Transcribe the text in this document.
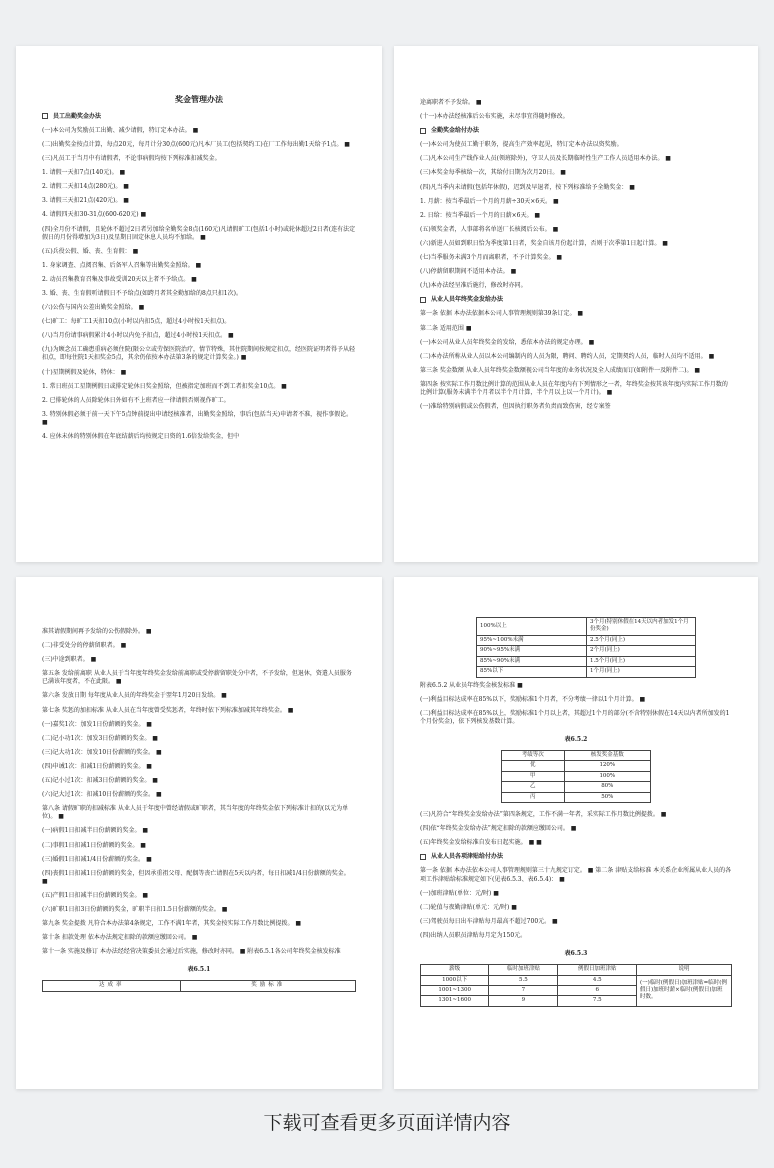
奖金管理办法
员工出勤奖金办法
(一)本公司为奖励员工出勤、减少请假，特订定本办法。 ■
(二)出勤奖金按点计算，每点20元，每月计分30点(600元)凡本厂员工(包括契约工)在厂工作每出勤1天给予1点。 ■
(三)凡员工于当月中有请假者，不论事病假均按下列标准扣减奖金。
1. 请假一天扣7点(140元)。 ■
2. 请假二天扣14点(280元)。 ■
3. 请假三天扣21点(420元)。 ■
4. 请假四天扣30-31点(600-620元) ■
(四)全月份不请假，且轮休不超过2日者另加给全勤奖金8点(160元)凡请假旷工(包括1小时)或轮休超过2日者(连有法定假日的月份得增加为3日)及星期日固定休息人员均不加给。 ■
(五)兵役公假、婚、丧、生育假： ■
1. 身家调查、点阅召集、后备军人召集等出勤奖金照给。 ■
2. 动员召集教育召集及事故受训20天以上者不予给点。 ■
3. 婚、丧、生育假听请假日不予给点(如跨月者其全勤加给的8点只扣1次)。
(六)公伤与国内公差出勤奖金照给。 ■
(七)旷工：每旷工1天扣10点(小时以内扣5点，超过4小时按1天扣点)。
(八)当月份请事病假累计4小时以内免予扣点，超过4小时按1天扣点。 ■
(九)为顾念员工确患重病必须住院(限公立或劳保医院治疗，情节特殊，其住院期间按规定扣点，经医院证明者得予从轻扣点，即每住院1天扣奖金5点，其余仍依按本办法第3条的规定计算奖金。) ■
(十)星期例假及轮休，特休： ■
1. 常日班员工星期例假日或排定轮休日奖金照给，但被指定加班而不到工者扣奖金10点。 ■
2. 已排轮休的人员除轮休日外如有不上班者应一律请假否则视作旷工。
3. 特别休假必须于前一天下午5点钟前提出申请经核准者，出勤奖金照给，事后(包括当天)申请者不准，视作事假论。 ■
4. 应休未休的特别休假在年底结薪后均按规定日资的1.6倍发给奖金，但中
途离职者不予发给。 ■
(十一)本办法经核准后公布实施，未尽事宜得随时修改。
全勤奖金给付办法
(一)本公司为使员工勤于职务，提高生产效率起见，特订定本办法以资奖励。
(二)凡本公司生产线作业人员(领班除外)，守卫人员及长期临时性生产工作人员适用本办法。 ■
(三)本奖金每季核给一次，其给付日期为次月20日。 ■
(四)凡当季内未请假(包括年休假)，迟到及早退者，按下列标准给予全勤奖金： ■
1. 月薪：按当季最后一个月的月薪÷30天×6天。 ■
2. 日给：按当季最后一个月的日薪×6天。 ■
(五)领奖金者，人事部将名单送厂长核阅后公布。 ■
(六)新进人员如到职日恰为季度第1日者，奖金自该月份起计算，否则于次季第1日起计算。 ■
(七)当季服务未满3个月而离职者，不予计算奖金。 ■
(八)停薪留职期间不适用本办法。 ■
(九)本办法经呈准后施行，修改时亦同。
从业人员年终奖金发给办法
第一条 依据 本办法依据本公司人事管理规则第39条订定。 ■
第二条 适用范围 ■
(一)本公司从业人员年终奖金的发给，悉依本办法的规定办理。 ■
(二)本办法所称从业人员以本公司编制内的人员为限，聘问、聘约人员，定期契约人员，临时人员均不适用。 ■
第三条 奖金数额 从业人员年终奖金数额视公司当年度的业务状况及全人成绩而订(如附件一及附件二)。 ■
第四条 按实际工作月数比例计算的范围从业人员在年度内有下列情形之一者，年终奖金按其该年度内实际工作月数的比例计算(服务未满半个月者以半个月计算，半个月以上以一个月计)。 ■
(一)准给特别病假或公伤假者，但因执行职务者负责而致伤害，经专案签
准其请假期间再予发给的公伤假除外。 ■
(二)非受处分的停薪留职者。 ■
(三)中途到职者。 ■
第五条 发给前离职 从业人员于当年度年终奖金发给前离职或受停薪留职处分中者，不予发给，但退休，资遣人员服务已满该年度者，不在此限。 ■
第六条 发放日期 每年度从业人员的年终奖金于翌年1月20日发给。 ■
第七条 奖惩的加扣标准 从业人员在当年度曾受奖惩者，年终时依下列标准加减其年终奖金。 ■
(一)嘉奖1次：加发1日份薪额的奖金。 ■
(二)记小功1次：加发3日份薪额的奖金。 ■
(三)记大功1次：加发10日份薪额的奖金。 ■
(四)申诫1次：扣减1日份薪额的奖金。 ■
(五)记小过1次：扣减3日份薪额的奖金。 ■
(六)记大过1次：扣减10日份薪额的奖金。 ■
第八条 请假旷职的扣减标准 从业人员于年度中曾经请假或旷职者，其当年度的年终奖金依下列标准计扣的(以元为单位)。 ■
(一)病假1日扣减半日份薪额的奖金。 ■
(二)事假1日扣减1日份薪额的奖金。 ■
(三)婚假1日扣减1/4日份薪额的奖金。 ■
(四)丧假1日扣减1日份薪额的奖金，但因承重祖父母、配偶等丧亡请假在5天以内者，每日扣减1/4日份薪额的奖金。 ■
(五)产假1日扣减半日份薪额的奖金。 ■
(六)旷职1日扣3日份薪额的奖金，旷职半日扣1.5日份薪额的奖金。 ■
第九条 奖金提拨 凡符合本办法第4条规定，工作不满1年者，其奖金按实际工作月数比例提拨。 ■
第十条 扣款处理 依本办法规定扣除的款额应缴回公司。 ■
第十一条 实施及修订 本办法经经营决策委员会通过后实施，修改时亦同。 ■ 附表6.5.1各公司年终奖金核发标准
表6.5.1
达成率	奖励标准
100%以上	3个月(特别休假在14天以内者加发1个月份奖金)
95%~100%未满	2.5个月(同上)
90%~95%未满	2个月(同上)
85%~90%未满	1.5个月(同上)
85%以下	1个月(同上)
附表6.5.2 从业员年终奖金核发标准 ■
(一)利益目标达成率在85%以下，奖励标准1个月者，不分考绩一律以1个月计算。 ■
(二)利益目标达成率在85%以上，奖励标准1个月以上者，其超过1个月的部分(不含特别休假在14天以内者所加发的1个月份奖金)，依下列核发基数计算。
表6.5.2
考绩等次	核发奖金基数
优	120%
甲	100%
乙	80%
丙	50%
(三)凡符合“年终奖金发给办法”第四条规定，工作不满一年者，采实际工作月数比例提拨。 ■
(四)依“年终奖金发给办法”规定扣除的款额应缴回公司。 ■
(五)年终奖金发给标准自发布日起实施。 ■ ■
从业人员各项津贴给付办法
第一条 依据 本办法依本公司人事管理规则第三十九规定订定。 ■ 第二条 津贴支给标准 本关系企业所属从业人员的各项工作津贴给标准规定如下(见表6.5.3、表6.5.4)： ■
(一)加班津贴(单位：元/时) ■
(二)轮值与夜勤津贴(单元：元/时) ■
(三)驾驶员每日出车津贴每月最高不超过700元。 ■
(四)出纳人员职员津贴每月定为150元。
表6.5.3
薪级	临时加班津贴	例假日加班津贴	说明
1000以下	5.5	4.5	(一)临时(例假日)加班津贴=临时(例假日)加班时薪×临时(例假日)加班时数。
1001~1300	7	6	
1301~1600	9	7.5	
下载可查看更多页面详情内容
